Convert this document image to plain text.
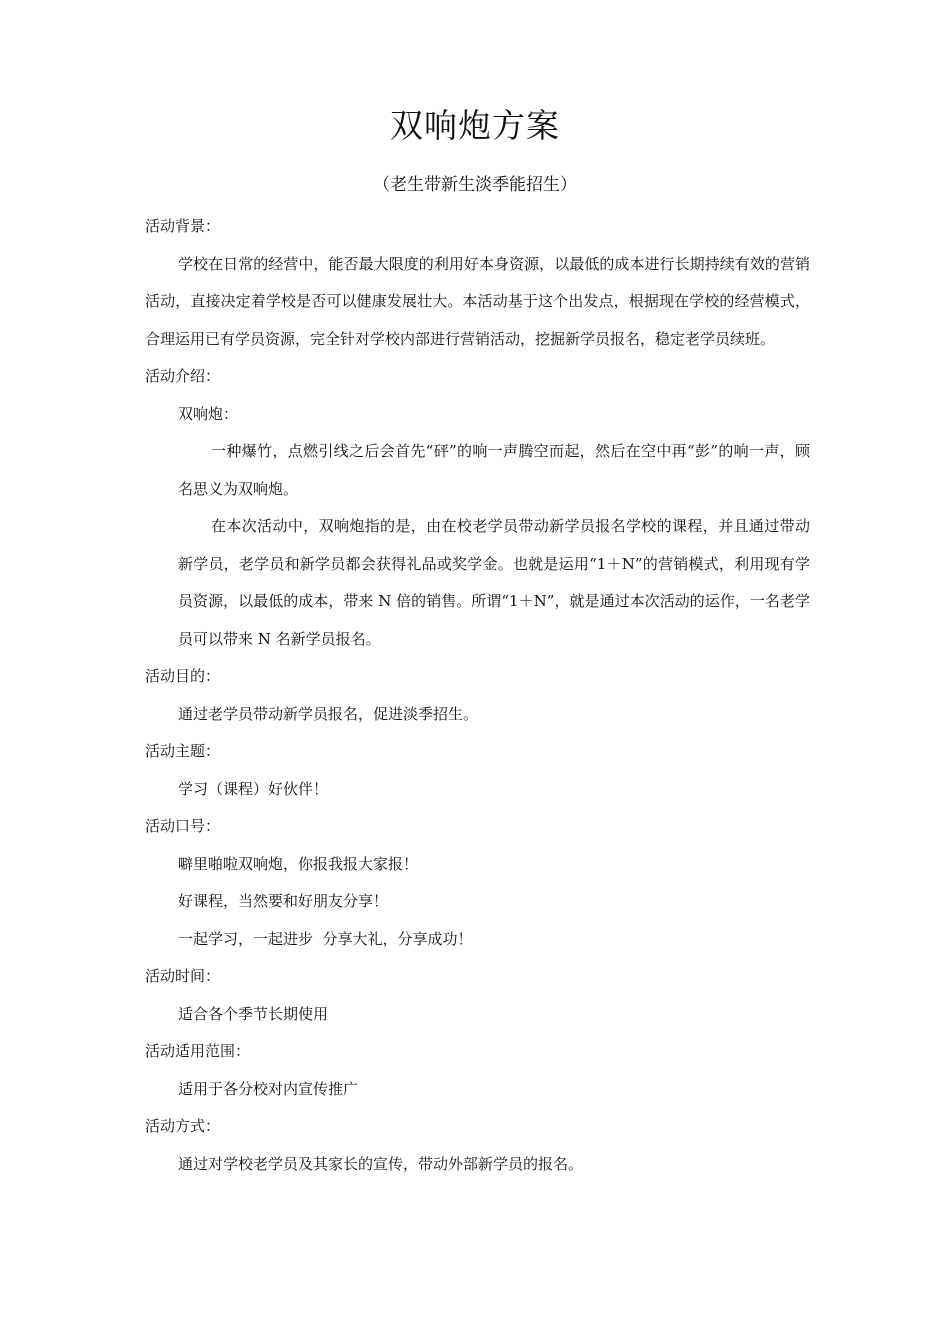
双响炮方案
（老生带新生淡季能招生）

活动背景：

学校在日常的经营中，能否最大限度的利用好本身资源，以最低的成本进行长期持续有效的营销活动，直接决定着学校是否可以健康发展壮大。本活动基于这个出发点，根据现在学校的经营模式，合理运用已有学员资源，完全针对学校内部进行营销活动，挖掘新学员报名，稳定老学员续班。

活动介绍：

双响炮：

一种爆竹，点燃引线之后会首先“砰”的响一声腾空而起，然后在空中再“彭”的响一声，顾名思义为双响炮。

在本次活动中，双响炮指的是，由在校老学员带动新学员报名学校的课程，并且通过带动新学员，老学员和新学员都会获得礼品或奖学金。也就是运用“1＋N”的营销模式，利用现有学员资源，以最低的成本，带来 N 倍的销售。所谓“1＋N”，就是通过本次活动的运作，一名老学员可以带来 N 名新学员报名。

活动目的：

通过老学员带动新学员报名，促进淡季招生。

活动主题：

学习（课程）好伙伴！

活动口号：

噼里啪啦双响炮，你报我报大家报！

好课程，当然要和好朋友分享！

一起学习，一起进步  分享大礼，分享成功！

活动时间：

适合各个季节长期使用

活动适用范围：

适用于各分校对内宣传推广

活动方式：

通过对学校老学员及其家长的宣传，带动外部新学员的报名。
